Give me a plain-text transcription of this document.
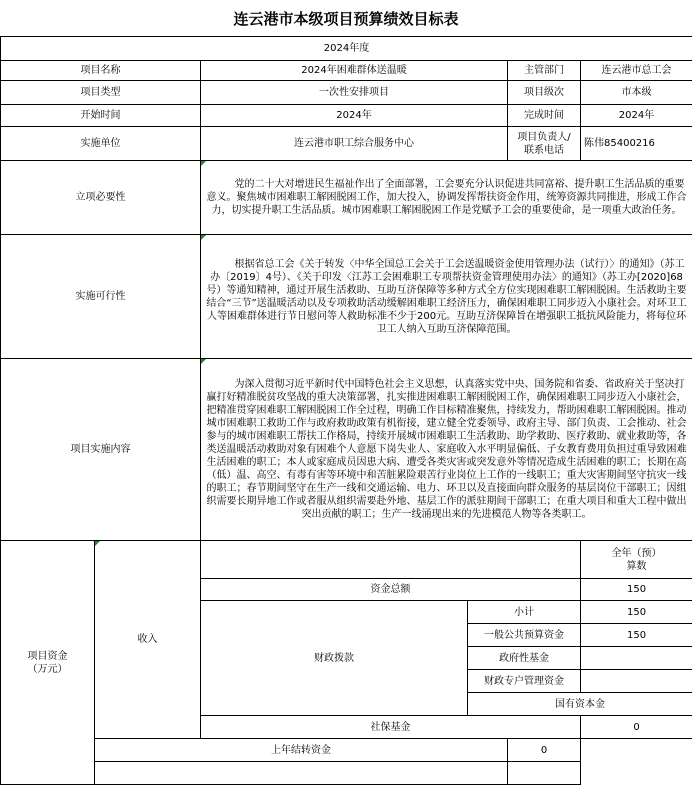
连云港市本级项目预算绩效目标表
2024年度						
项目名称		2024年困难群体送温暖		主管部门	连云港市总工会	
项目类型		一次性安排项目		项目级次	市本级	
开始时间		2024年		完成时间	2024年	
实施单位		连云港市职工综合服务中心		项目负责人/
联系电话	陈伟85400216	
立项必要性		党的二十大对增进民生福祉作出了全面部署，工会要充分认识促进共同富裕、提升职工生活品质的重要意义。聚焦城市困难职工解困脱困工作，加大投入，协调发挥帮扶资金作用，统筹资源共同推进，形成工作合力，切实提升职工生活品质。城市困难职工解困脱困工作是党赋予工会的重要使命，是一项重大政治任务。				

实施可行性		根据省总工会《关于转发〈中华全国总工会关于工会送温暖资金使用管理办法（试行）〉的通知》（苏工办〔2019〕4号）、《关于印发〈江苏工会困难职工专项帮扶资金管理使用办法〉的通知》（苏工办[2020]68号）等通知精神，通过开展生活救助、互助互济保障等多种方式全方位实现困难职工解困脱困。生活救助主要结合“三节”送温暖活动以及专项救助活动缓解困难职工经济压力，确保困难职工同步迈入小康社会。对环卫工人等困难群体进行节日慰问等人救助标准不少于200元。互助互济保障旨在增强职工抵抗风险能力，将每位环卫工人纳入互助互济保障范围。				

项目实施内容		为深入贯彻习近平新时代中国特色社会主义思想，认真落实党中央、国务院和省委、省政府关于坚决打赢打好精准脱贫攻坚战的重大决策部署，扎实推进困难职工解困脱困工作，确保困难职工同步迈入小康社会，把精准贯穿困难职工解困脱困工作全过程，明确工作目标精准聚焦，持续发力，帮助困难职工解困脱困。推动城市困难职工救助工作与政府救助政策有机衔接，建立健全党委领导、政府主导、部门负责、工会推动、社会参与的城市困难职工帮扶工作格局，持续开展城市困难职工生活救助、助学救助、医疗救助、就业救助等，各类送温暖活动救助对象有困难个人意愿下岗失业人、家庭收入水平明显偏低、子女教育费用负担过重导致困难生活困难的职工；本人或家庭成员因患大病、遭受各类灾害或突发意外等情况造成生活困难的职工；长期在高（低）温、高空、有毒有害等环境中和苦脏累险艰苦行业岗位上工作的一线职工；重大灾害期间坚守抗灾一线的职工；春节期间坚守在生产一线和交通运输、电力、环卫以及直接面向群众服务的基层岗位干部职工；因组织需要长期异地工作或者服从组织需要赴外地、基层工作的派驻期间干部职工；在重大项目和重大工程中做出突出贡献的职工；生产一线涌现出来的先进模范人物等各类职工。				

项目资金
（万元）	收入				全年（预）
算数	
		资金总额			150	
		财政拨款	小计		150	
			一般公共预算资金		150	
			政府性基金			
			财政专户管理资金			
			国有资本金			
		社保基金			0	
	上年结转资金			0		
